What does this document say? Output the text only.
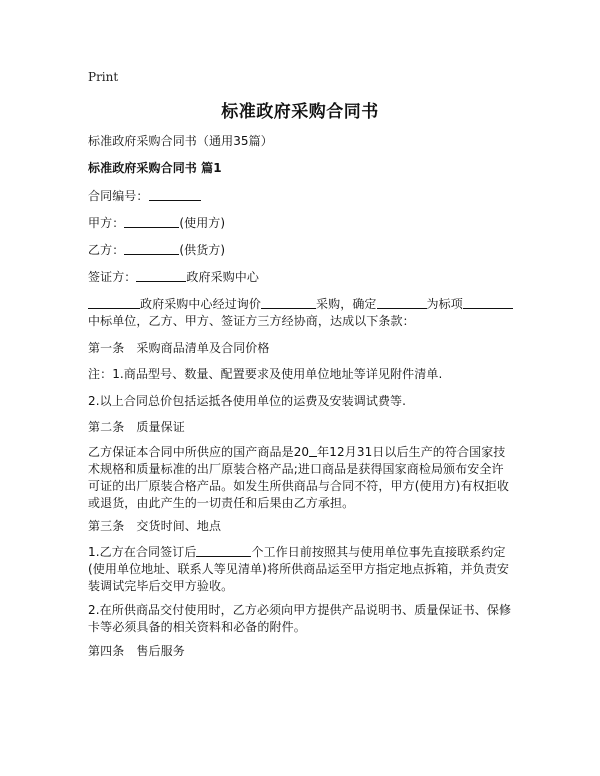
Print
标准政府采购合同书
标准政府采购合同书（通用35篇）
标准政府采购合同书 篇1
合同编号：
甲方：	(使用方)
乙方：	(供货方)
签证方：	政府采购中心
政府采购中心经过询价	采购，确定	为标项中标单位，乙方、甲方、签证方三方经协商，达成以下条款：
第一条　采购商品清单及合同价格
注：1.商品型号、数量、配置要求及使用单位地址等详见附件清单.
2.以上合同总价包括运抵各使用单位的运费及安装调试费等.
第二条　质量保证
乙方保证本合同中所供应的国产商品是20 年12月31日以后生产的符合国家技术规格和质量标准的出厂原装合格产品;进口商品是获得国家商检局颁布安全许可证的出厂原装合格产品。如发生所供商品与合同不符，甲方(使用方)有权拒收或退货，由此产生的一切责任和后果由乙方承担。
第三条　交货时间、地点
1.乙方在合同签订后	个工作日前按照其与使用单位事先直接联系约定(使用单位地址、联系人等见清单)将所供商品运至甲方指定地点拆箱，并负责安装调试完毕后交甲方验收。
2.在所供商品交付使用时，乙方必须向甲方提供产品说明书、质量保证书、保修卡等必须具备的相关资料和必备的附件。
第四条　售后服务
